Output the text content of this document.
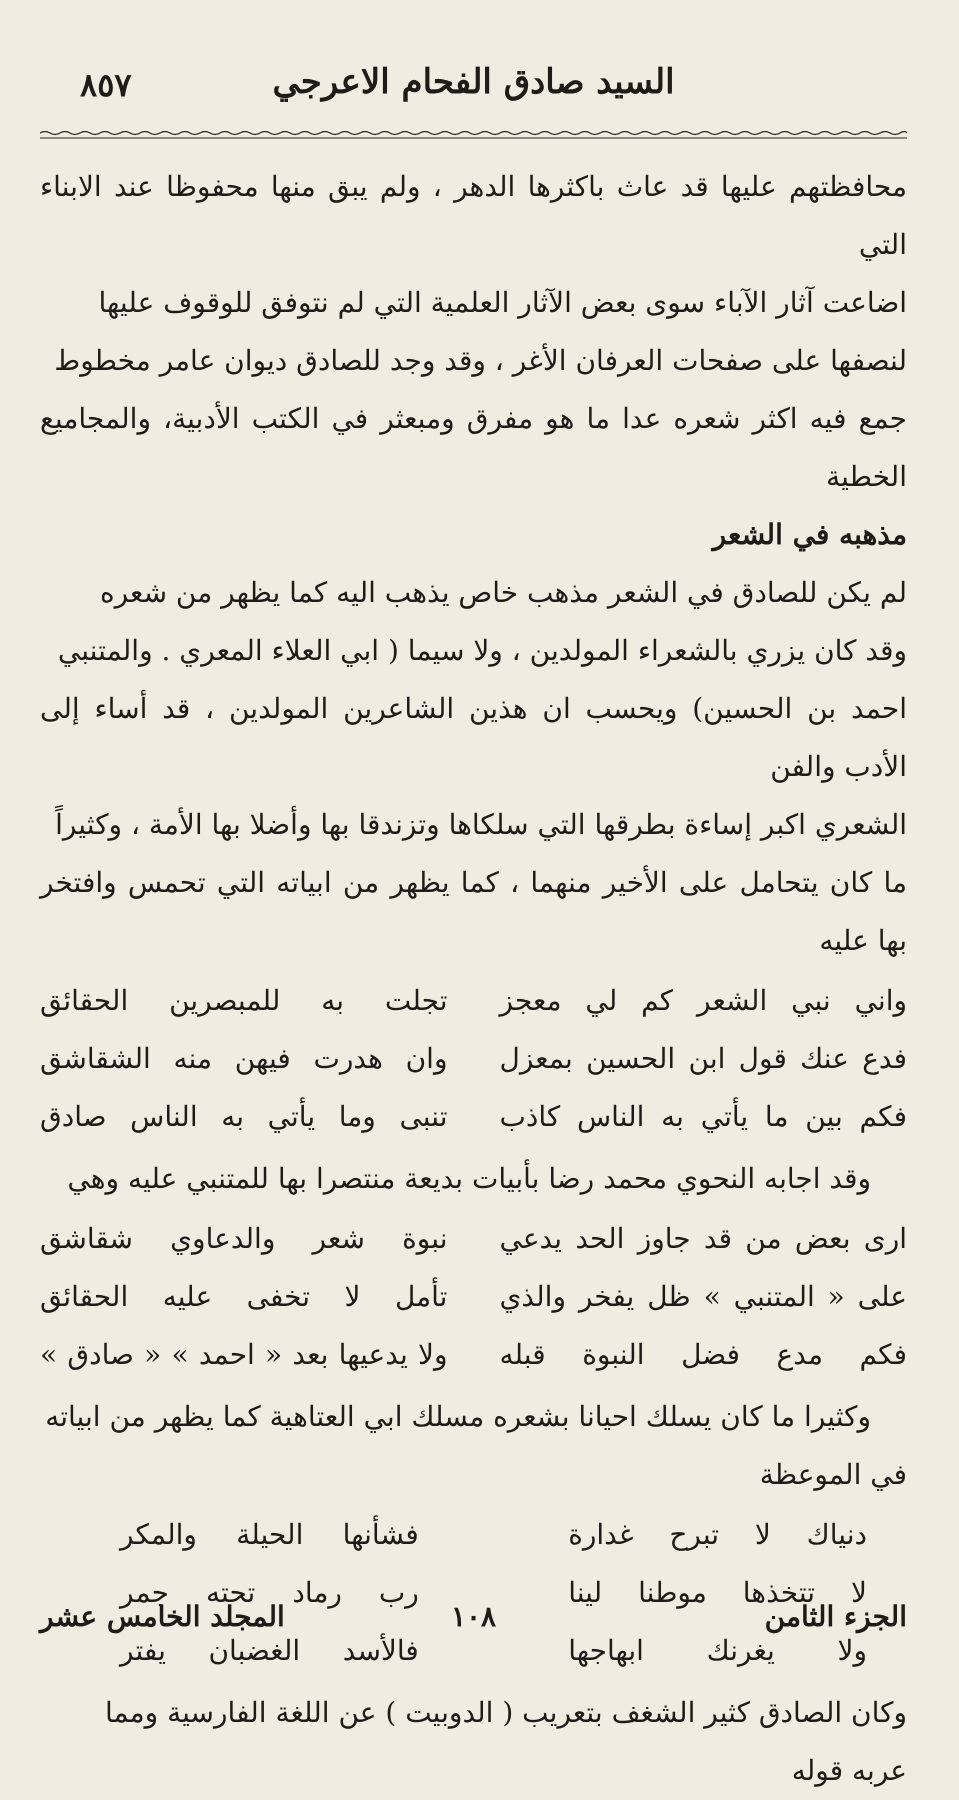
٨٥٧	السيد صادق الفحام الاعرجي

محافظتهم عليها قد عاث باكثرها الدهر ، ولم يبق منها محفوظا عند الابناء التي

اضاعت آثار الآباء سوى بعض الآثار العلمية التي لم نتوفق للوقوف عليها

لنصفها على صفحات العرفان الأغر ، وقد وجد للصادق ديوان عامر مخطوط

جمع فيه اكثر شعره عدا ما هو مفرق ومبعثر في الكتب الأدبية، والمجاميع الخطية

مذهبه في الشعر

لم يكن للصادق في الشعر مذهب خاص يذهب اليه كما يظهر من شعره

وقد كان يزري بالشعراء المولدين ، ولا سيما ( ابي العلاء المعري . والمتنبي

احمد بن الحسين) ويحسب ان هذين الشاعرين المولدين ، قد أساء إلى الأدب والفن

الشعري اكبر إساءة بطرقها التي سلكاها وتزندقا بها وأضلا بها الأمة ، وكثيراً

ما كان يتحامل على الأخير منهما ، كما يظهر من ابياته التي تحمس وافتخر بها عليه

واني نبي الشعر كم لي معجز
تجلت به للمبصرين الحقائق
فدع عنك قول ابن الحسين بمعزل
وان هدرت فيهن منه الشقاشق
فكم بين ما يأتي به الناس كاذب
تنبى وما يأتي به الناس صادق

وقد اجابه النحوي محمد رضا بأبيات بديعة منتصرا بها للمتنبي عليه وهي

ارى بعض من قد جاوز الحد يدعي
نبوة شعر والدعاوي شقاشق
على « المتنبي » ظل يفخر والذي
تأمل لا تخفى عليه الحقائق
فكم مدع فضل النبوة قبله
ولا يدعيها بعد « احمد » « صادق »

وكثيرا ما كان يسلك احيانا بشعره مسلك ابي العتاهية كما يظهر من ابياته

في الموعظة

دنياك لا تبرح غدارة
فشأنها الحيلة والمكر
لا تتخذها موطنا لينا
رب رماد تحته جمر
ولا يغرنك ابهاجها
فالأسد الغضبان يفتر

وكان الصادق كثير الشغف بتعريب ( الدوبيت ) عن اللغة الفارسية ومما

عربه قوله

الجزء الثامن
١٠٨
المجلد الخامس عشر
